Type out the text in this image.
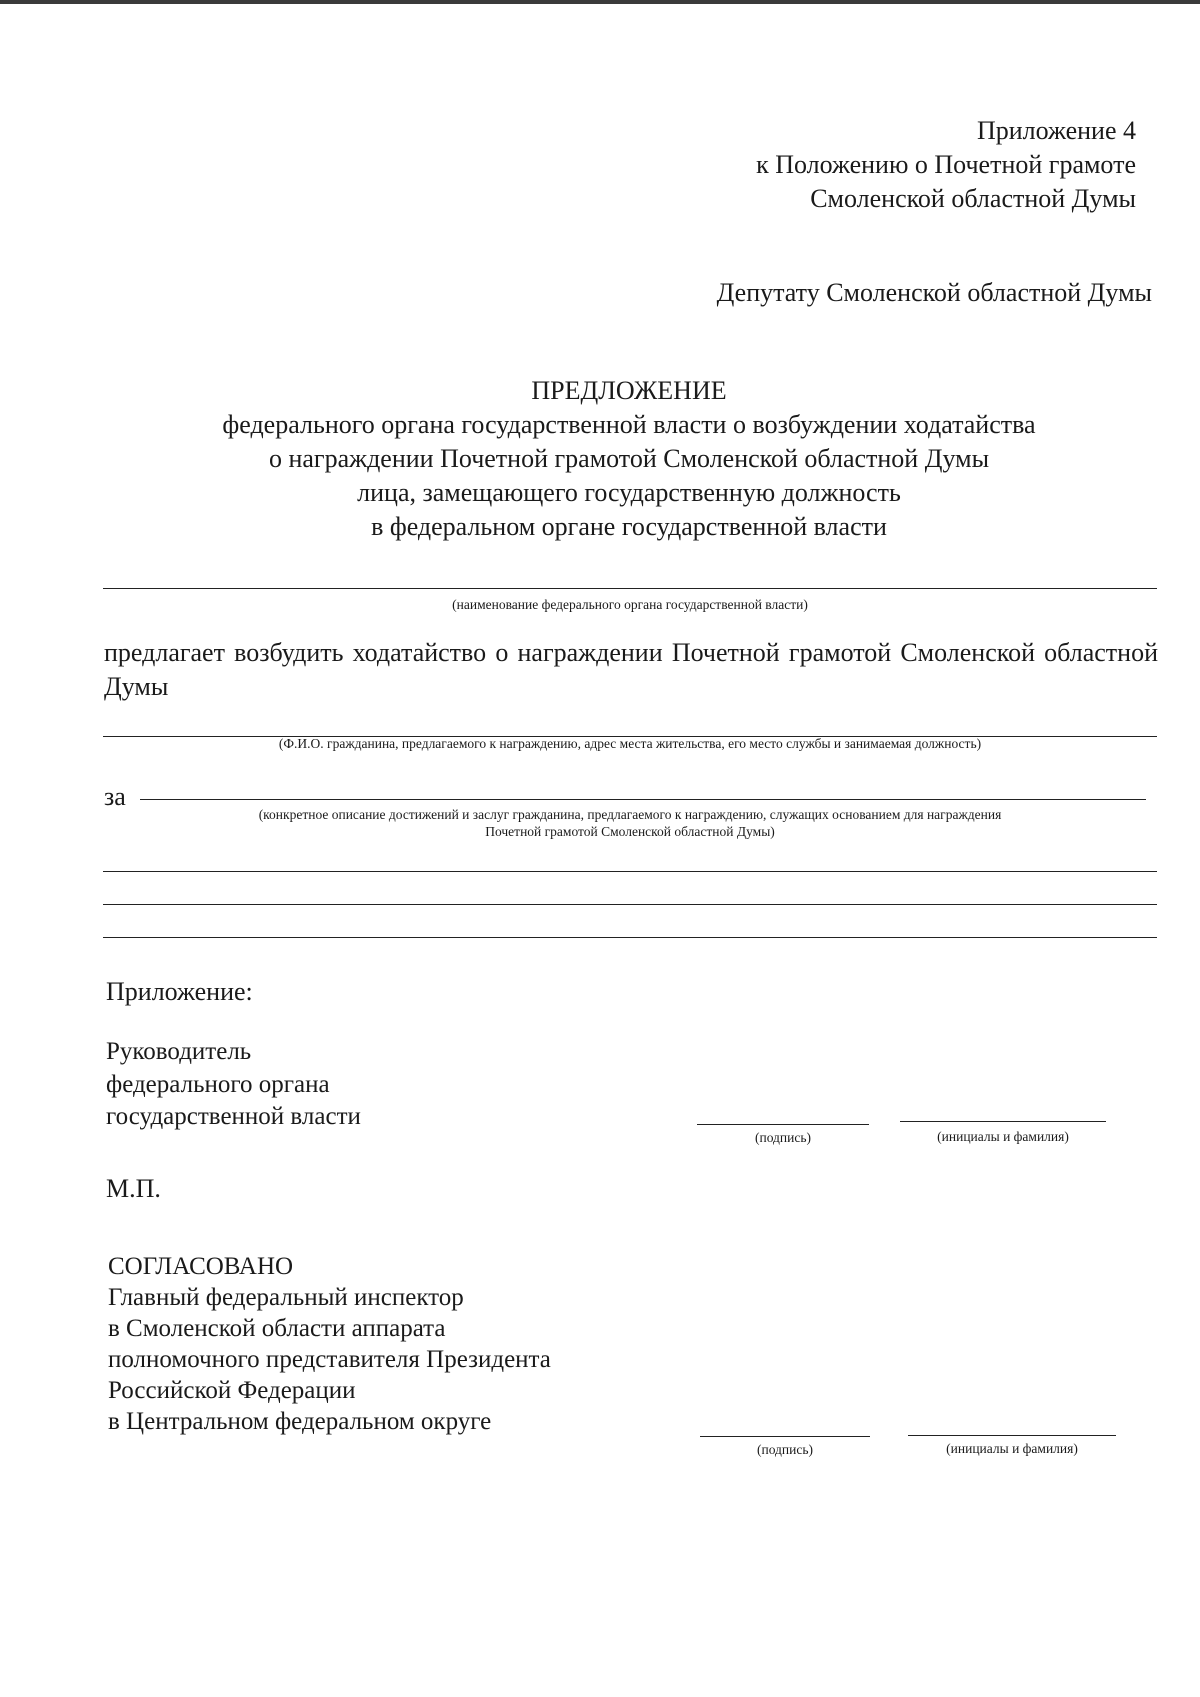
Приложение 4
к Положению о Почетной грамоте
Смоленской областной Думы
Депутату Смоленской областной Думы
ПРЕДЛОЖЕНИЕ
федерального органа государственной власти о возбуждении ходатайства
о награждении Почетной грамотой Смоленской областной Думы
лица, замещающего государственную должность
в федеральном органе государственной власти
(наименование федерального органа государственной власти)
предлагает возбудить ходатайство о награждении Почетной грамотой Смоленской областной Думы
(Ф.И.О. гражданина, предлагаемого к награждению, адрес места жительства, его место службы и занимаемая должность)
за
(конкретное описание достижений и заслуг гражданина, предлагаемого к награждению, служащих основанием для награждения
Почетной грамотой Смоленской областной Думы)
Приложение:
Руководитель
федерального органа
государственной власти
(подпись)	(инициалы и фамилия)
М.П.
СОГЛАСОВАНО
Главный федеральный инспектор
в Смоленской области аппарата
полномочного представителя Президента
Российской Федерации
в Центральном федеральном округе
(подпись)	(инициалы и фамилия)
